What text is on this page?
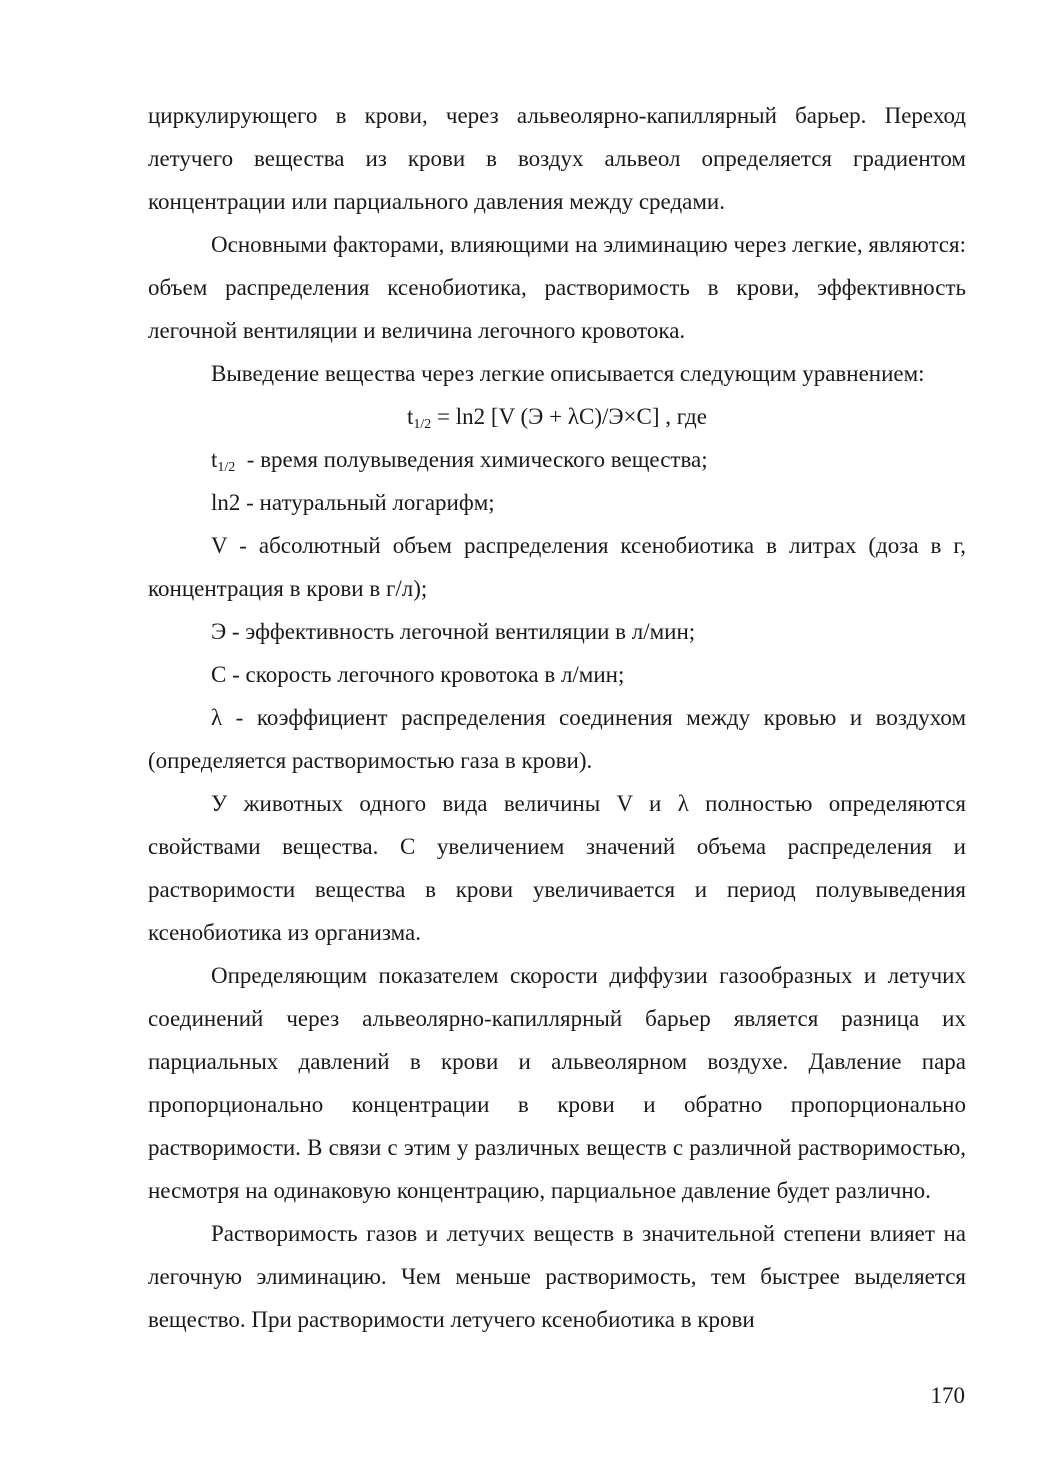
циркулирующего в крови, через альвеолярно-капиллярный барьер. Переход летучего вещества из крови в воздух альвеол определяется градиентом концентрации или парциального давления между средами.

Основными факторами, влияющими на элиминацию через легкие, являются: объем распределения ксенобиотика, растворимость в крови, эффективность легочной вентиляции и величина легочного кровотока.

Выведение вещества через легкие описывается следующим уравнением:

$t_{1/2} = \ln 2$ [V (Э + λC)/Э×C] , где

$t_{1/2}$  - время полувыведения химического вещества;

ln2 - натуральный логарифм;

V - абсолютный объем распределения ксенобиотика в литрах (доза в г, концентрация в крови в г/л);

Э - эффективность легочной вентиляции в л/мин;

С - скорость легочного кровотока в л/мин;

λ - коэффициент распределения соединения между кровью и воздухом (определяется растворимостью газа в крови).

У животных одного вида величины V и λ полностью определяются свойствами вещества. С увеличением значений объема распределения и растворимости вещества в крови увеличивается и период полувыведения ксенобиотика из организма.

Определяющим показателем скорости диффузии газообразных и летучих соединений через альвеолярно-капиллярный барьер является разница их парциальных давлений в крови и альвеолярном воздухе. Давление пара пропорционально концентрации в крови и обратно пропорционально растворимости. В связи с этим у различных веществ с различной растворимостью, несмотря на одинаковую концентрацию, парциальное давление будет различно.

Растворимость газов и летучих веществ в значительной степени влияет на легочную элиминацию. Чем меньше растворимость, тем быстрее выделяется вещество. При растворимости летучего ксенобиотика в крови

170
